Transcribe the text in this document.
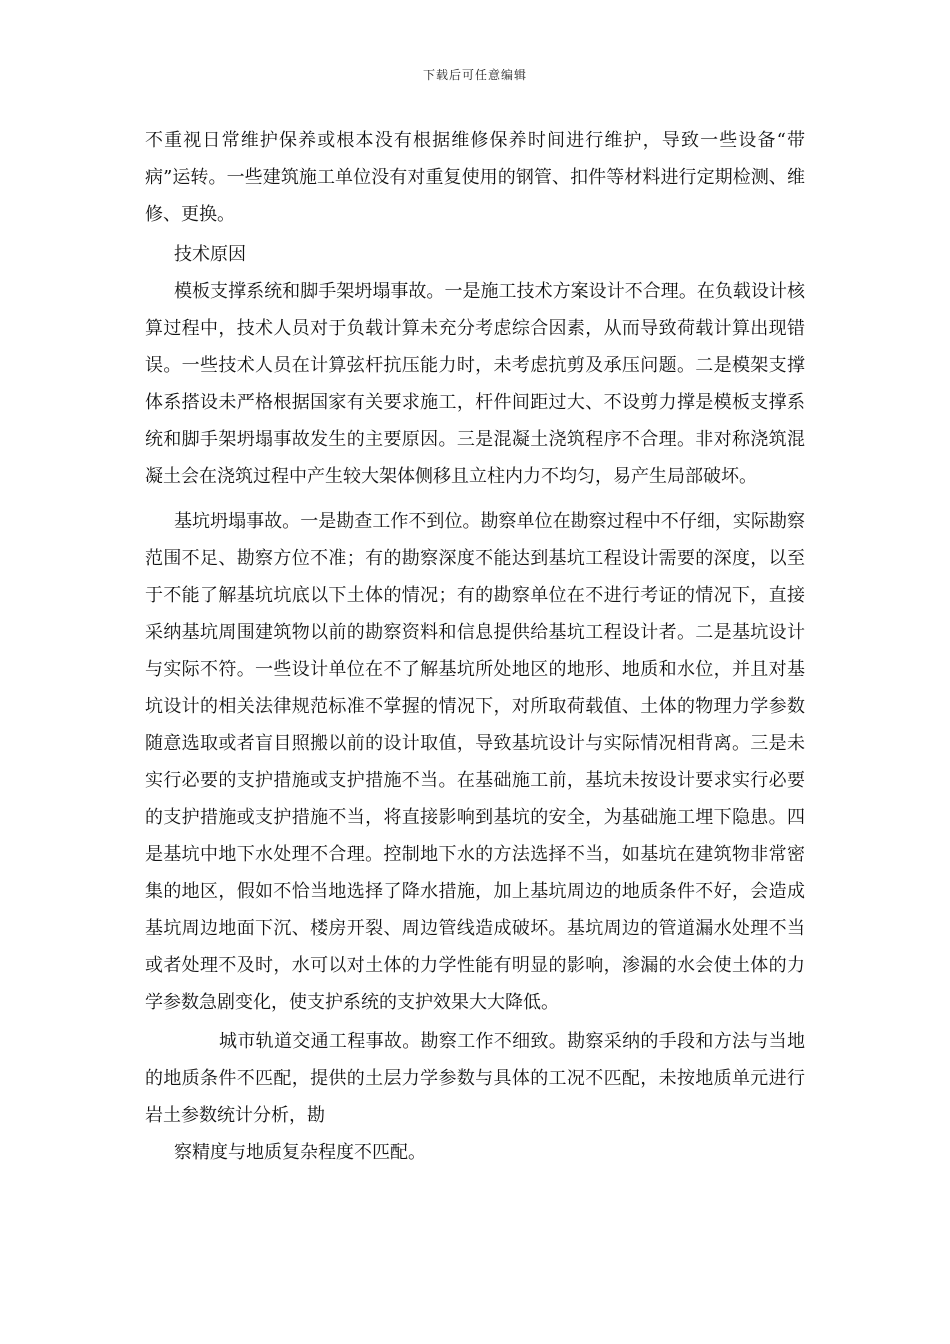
下载后可任意编辑

不重视日常维护保养或根本没有根据维修保养时间进行维护，导致一些设备“带病”运转。一些建筑施工单位没有对重复使用的钢管、扣件等材料进行定期检测、维修、更换。

技术原因

模板支撑系统和脚手架坍塌事故。一是施工技术方案设计不合理。在负载设计核算过程中，技术人员对于负载计算未充分考虑综合因素，从而导致荷载计算出现错误。一些技术人员在计算弦杆抗压能力时，未考虑抗剪及承压问题。二是模架支撑体系搭设未严格根据国家有关要求施工，杆件间距过大、不设剪力撑是模板支撑系统和脚手架坍塌事故发生的主要原因。三是混凝土浇筑程序不合理。非对称浇筑混凝土会在浇筑过程中产生较大架体侧移且立柱内力不均匀，易产生局部破坏。

基坑坍塌事故。一是勘查工作不到位。勘察单位在勘察过程中不仔细，实际勘察范围不足、勘察方位不准；有的勘察深度不能达到基坑工程设计需要的深度，以至于不能了解基坑坑底以下土体的情况；有的勘察单位在不进行考证的情况下，直接采纳基坑周围建筑物以前的勘察资料和信息提供给基坑工程设计者。二是基坑设计与实际不符。一些设计单位在不了解基坑所处地区的地形、地质和水位，并且对基坑设计的相关法律规范标准不掌握的情况下，对所取荷载值、土体的物理力学参数随意选取或者盲目照搬以前的设计取值，导致基坑设计与实际情况相背离。三是未实行必要的支护措施或支护措施不当。在基础施工前，基坑未按设计要求实行必要的支护措施或支护措施不当，将直接影响到基坑的安全，为基础施工埋下隐患。四是基坑中地下水处理不合理。控制地下水的方法选择不当，如基坑在建筑物非常密集的地区，假如不恰当地选择了降水措施，加上基坑周边的地质条件不好，会造成基坑周边地面下沉、楼房开裂、周边管线造成破坏。基坑周边的管道漏水处理不当或者处理不及时，水可以对土体的力学性能有明显的影响，渗漏的水会使土体的力学参数急剧变化，使支护系统的支护效果大大降低。

城市轨道交通工程事故。勘察工作不细致。勘察采纳的手段和方法与当地的地质条件不匹配，提供的土层力学参数与具体的工况不匹配，未按地质单元进行岩土参数统计分析，勘

察精度与地质复杂程度不匹配。
